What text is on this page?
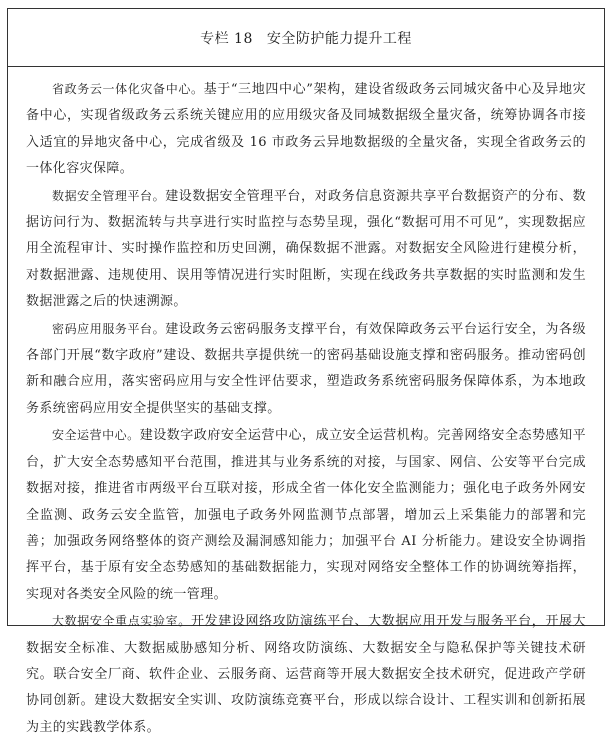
专栏 18 安全防护能力提升工程

省政务云一体化灾备中心。基于“三地四中心”架构，建设省级政务云同城灾备中心及异地灾备中心，实现省级政务云系统关键应用的应用级灾备及同城数据级全量灾备，统筹协调各市接入适宜的异地灾备中心，完成省级及 16 市政务云异地数据级的全量灾备，实现全省政务云的一体化容灾保障。

数据安全管理平台。建设数据安全管理平台，对政务信息资源共享平台数据资产的分布、数据访问行为、数据流转与共享进行实时监控与态势呈现，强化“数据可用不可见”，实现数据应用全流程审计、实时操作监控和历史回溯，确保数据不泄露。对数据安全风险进行建模分析，对数据泄露、违规使用、误用等情况进行实时阻断，实现在线政务共享数据的实时监测和发生数据泄露之后的快速溯源。

密码应用服务平台。建设政务云密码服务支撑平台，有效保障政务云平台运行安全，为各级各部门开展“数字政府”建设、数据共享提供统一的密码基础设施支撑和密码服务。推动密码创新和融合应用，落实密码应用与安全性评估要求，塑造政务系统密码服务保障体系，为本地政务系统密码应用安全提供坚实的基础支撑。

安全运营中心。建设数字政府安全运营中心，成立安全运营机构。完善网络安全态势感知平台，扩大安全态势感知平台范围，推进其与业务系统的对接，与国家、网信、公安等平台完成数据对接，推进省市两级平台互联对接，形成全省一体化安全监测能力；强化电子政务外网安全监测、政务云安全监管，加强电子政务外网监测节点部署，增加云上采集能力的部署和完善；加强政务网络整体的资产测绘及漏洞感知能力；加强平台 AI 分析能力。建设安全协调指挥平台，基于原有安全态势感知的基础数据能力，实现对网络安全整体工作的协调统筹指挥，实现对各类安全风险的统一管理。

大数据安全重点实验室。开发建设网络攻防演练平台、大数据应用开发与服务平台，开展大数据安全标准、大数据威胁感知分析、网络攻防演练、大数据安全与隐私保护等关键技术研究。联合安全厂商、软件企业、云服务商、运营商等开展大数据安全技术研究，促进政产学研协同创新。建设大数据安全实训、攻防演练竞赛平台，形成以综合设计、工程实训和创新拓展为主的实践教学体系。
